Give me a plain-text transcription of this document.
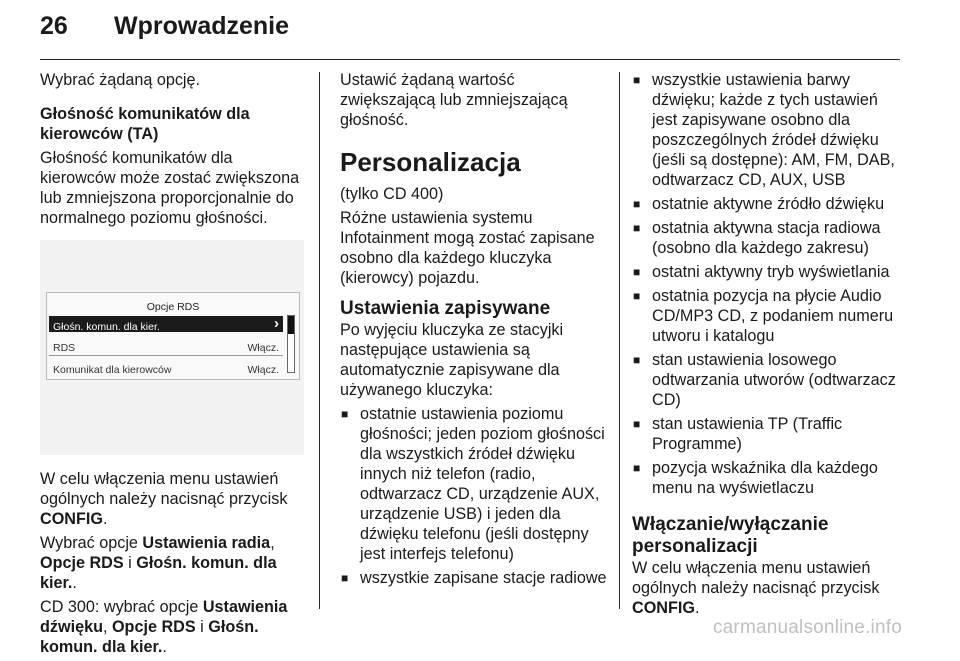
26 Wprowadzenie

Wybrać żądaną opcję.

Głośność komunikatów dla kierowców (TA)

Głośność komunikatów dla kierowców może zostać zwiększona lub zmniejszona proporcjonalnie do normalnego poziomu głośności.

Opcje RDS
Głośn. komun. dla kier.	›
RDS	Włącz.
Komunikat dla kierowców	Włącz.

W celu włączenia menu ustawień ogólnych należy nacisnąć przycisk CONFIG.

Wybrać opcje Ustawienia radia, Opcje RDS i Głośn. komun. dla kier..

CD 300: wybrać opcje Ustawienia dźwięku, Opcje RDS i Głośn. komun. dla kier..

Ustawić żądaną wartość zwiększającą lub zmniejszającą głośność.

Personalizacja

(tylko CD 400)

Różne ustawienia systemu Infotainment mogą zostać zapisane osobno dla każdego kluczyka (kierowcy) pojazdu.

Ustawienia zapisywane

Po wyjęciu kluczyka ze stacyjki następujące ustawienia są automatycznie zapisywane dla używanego kluczyka:

■ ostatnie ustawienia poziomu głośności; jeden poziom głośności dla wszystkich źródeł dźwięku innych niż telefon (radio, odtwarzacz CD, urządzenie AUX, urządzenie USB) i jeden dla dźwięku telefonu (jeśli dostępny jest interfejs telefonu)
■ wszystkie zapisane stacje radiowe
■ wszystkie ustawienia barwy dźwięku; każde z tych ustawień jest zapisywane osobno dla poszczególnych źródeł dźwięku (jeśli są dostępne): AM, FM, DAB, odtwarzacz CD, AUX, USB
■ ostatnie aktywne źródło dźwięku
■ ostatnia aktywna stacja radiowa (osobno dla każdego zakresu)
■ ostatni aktywny tryb wyświetlania
■ ostatnia pozycja na płycie Audio CD/MP3 CD, z podaniem numeru utworu i katalogu
■ stan ustawienia losowego odtwarzania utworów (odtwarzacz CD)
■ stan ustawienia TP (Traffic Programme)
■ pozycja wskaźnika dla każdego menu na wyświetlaczu
Włączanie/wyłączanie personalizacji

W celu włączenia menu ustawień ogólnych należy nacisnąć przycisk CONFIG.

carmanualsonline.info
